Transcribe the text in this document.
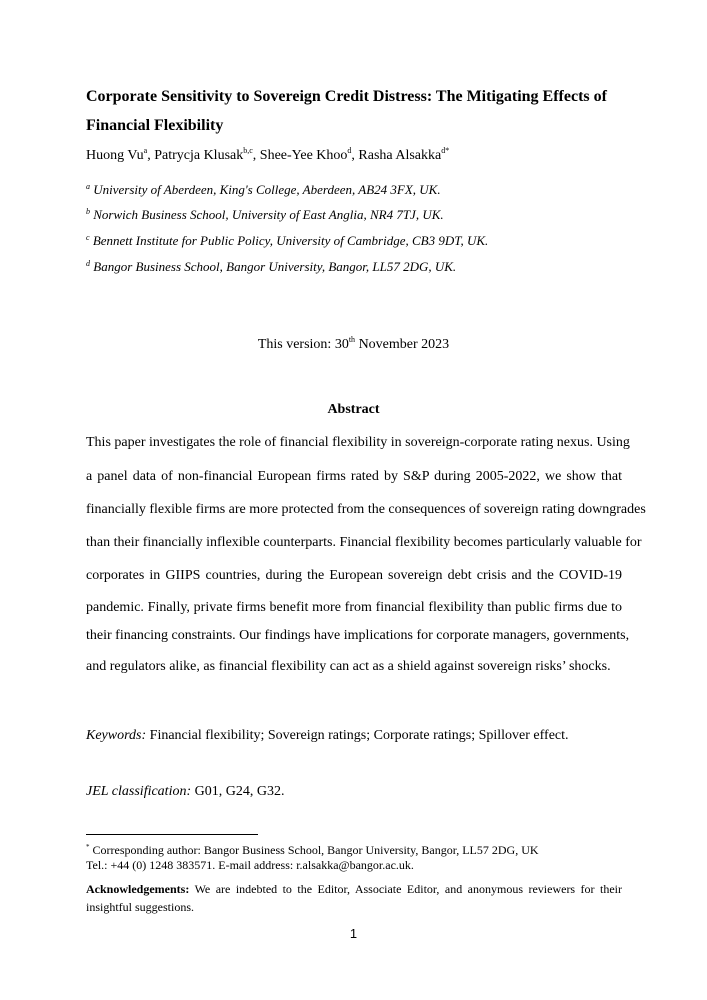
Corporate Sensitivity to Sovereign Credit Distress: The Mitigating Effects of
Financial Flexibility
Huong Vu$^a$, Patrycja Klusak$^{b,c}$, Shee-Yee Khoo$^d$, Rasha Alsakka$^{d*}$
$^a$ University of Aberdeen, King's College, Aberdeen, AB24 3FX, UK.
$^b$ Norwich Business School, University of East Anglia, NR4 7TJ, UK.
$^c$ Bennett Institute for Public Policy, University of Cambridge, CB3 9DT, UK.
$^d$ Bangor Business School, Bangor University, Bangor, LL57 2DG, UK.
This version: 30th November 2023
Abstract
This paper investigates the role of financial flexibility in sovereign-corporate rating nexus. Using
a panel data of non-financial European firms rated by S&P during 2005-2022, we show that
financially flexible firms are more protected from the consequences of sovereign rating downgrades
than their financially inflexible counterparts. Financial flexibility becomes particularly valuable for
corporates in GIIPS countries, during the European sovereign debt crisis and the COVID-19
pandemic. Finally, private firms benefit more from financial flexibility than public firms due to
their financing constraints. Our findings have implications for corporate managers, governments,
and regulators alike, as financial flexibility can act as a shield against sovereign risks’ shocks.
Keywords: Financial flexibility; Sovereign ratings; Corporate ratings; Spillover effect.
JEL classification: G01, G24, G32.
* Corresponding author: Bangor Business School, Bangor University, Bangor, LL57 2DG, UK
Tel.: +44 (0) 1248 383571. E-mail address: r.alsakka@bangor.ac.uk.
Acknowledgements: We are indebted to the Editor, Associate Editor, and anonymous reviewers for their
insightful suggestions.
1
